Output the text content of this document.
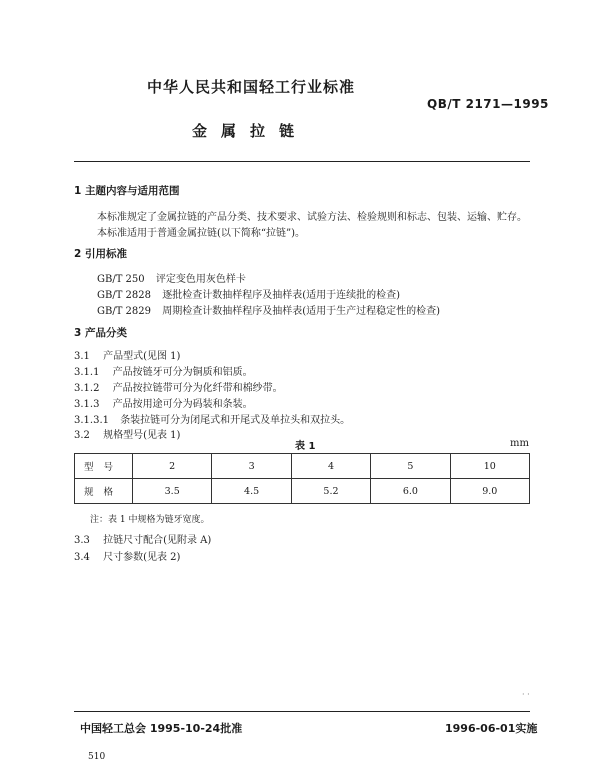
中华人民共和国轻工行业标准
QB/T 2171—1995
金属拉链
1 主题内容与适用范围
本标准规定了金属拉链的产品分类、技术要求、试验方法、检验规则和标志、包装、运输、贮存。
本标准适用于普通金属拉链(以下简称“拉链”)。
2 引用标准
GB/T 250 评定变色用灰色样卡
GB/T 2828 逐批检查计数抽样程序及抽样表(适用于连续批的检查)
GB/T 2829 周期检查计数抽样程序及抽样表(适用于生产过程稳定性的检查)
3 产品分类
3.1 产品型式(见图 1)
3.1.1 产品按链牙可分为铜质和铝质。
3.1.2 产品按拉链带可分为化纤带和棉纱带。
3.1.3 产品按用途可分为码装和条装。
3.1.3.1 条装拉链可分为闭尾式和开尾式及单拉头和双拉头。
3.2 规格型号(见表 1)
表 1	mm
型号	2	3	4	5	10
规格	3.5	4.5	5.2	6.0	9.0
注：表 1 中规格为链牙宽度。
3.3 拉链尺寸配合(见附录 A)
3.4 尺寸参数(见表 2)
· ·
中国轻工总会 1995-10-24批准	1996-06-01实施
510
